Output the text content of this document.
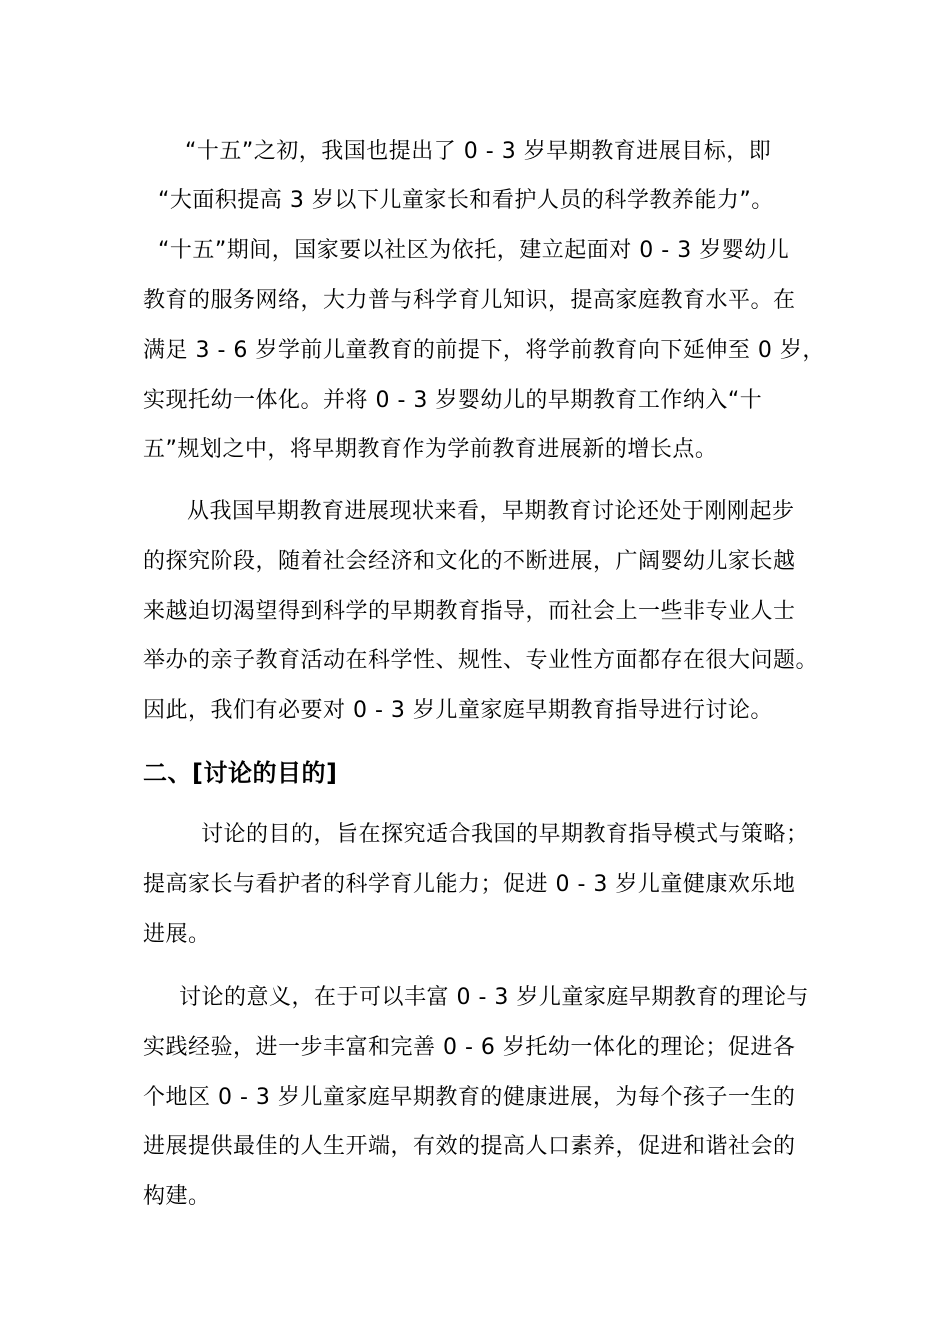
“十五”之初，我国也提出了 0 - 3 岁早期教育进展目标，即
“大面积提高 3 岁以下儿童家长和看护人员的科学教养能力”。
“十五”期间，国家要以社区为依托，建立起面对 0 - 3 岁婴幼儿
教育的服务网络，大力普与科学育儿知识，提高家庭教育水平。在
满足 3 - 6 岁学前儿童教育的前提下，将学前教育向下延伸至 0 岁，
实现托幼一体化。并将 0 - 3 岁婴幼儿的早期教育工作纳入“十
五”规划之中，将早期教育作为学前教育进展新的增长点。
从我国早期教育进展现状来看，早期教育讨论还处于刚刚起步
的探究阶段，随着社会经济和文化的不断进展，广阔婴幼儿家长越
来越迫切渴望得到科学的早期教育指导，而社会上一些非专业人士
举办的亲子教育活动在科学性、规性、专业性方面都存在很大问题。
因此，我们有必要对 0 - 3 岁儿童家庭早期教育指导进行讨论。
二、[讨论的目的]
讨论的目的，旨在探究适合我国的早期教育指导模式与策略；
提高家长与看护者的科学育儿能力；促进 0 - 3 岁儿童健康欢乐地
进展。
讨论的意义，在于可以丰富 0 - 3 岁儿童家庭早期教育的理论与
实践经验，进一步丰富和完善 0 - 6 岁托幼一体化的理论；促进各
个地区 0 - 3 岁儿童家庭早期教育的健康进展，为每个孩子一生的
进展提供最佳的人生开端，有效的提高人口素养，促进和谐社会的
构建。
